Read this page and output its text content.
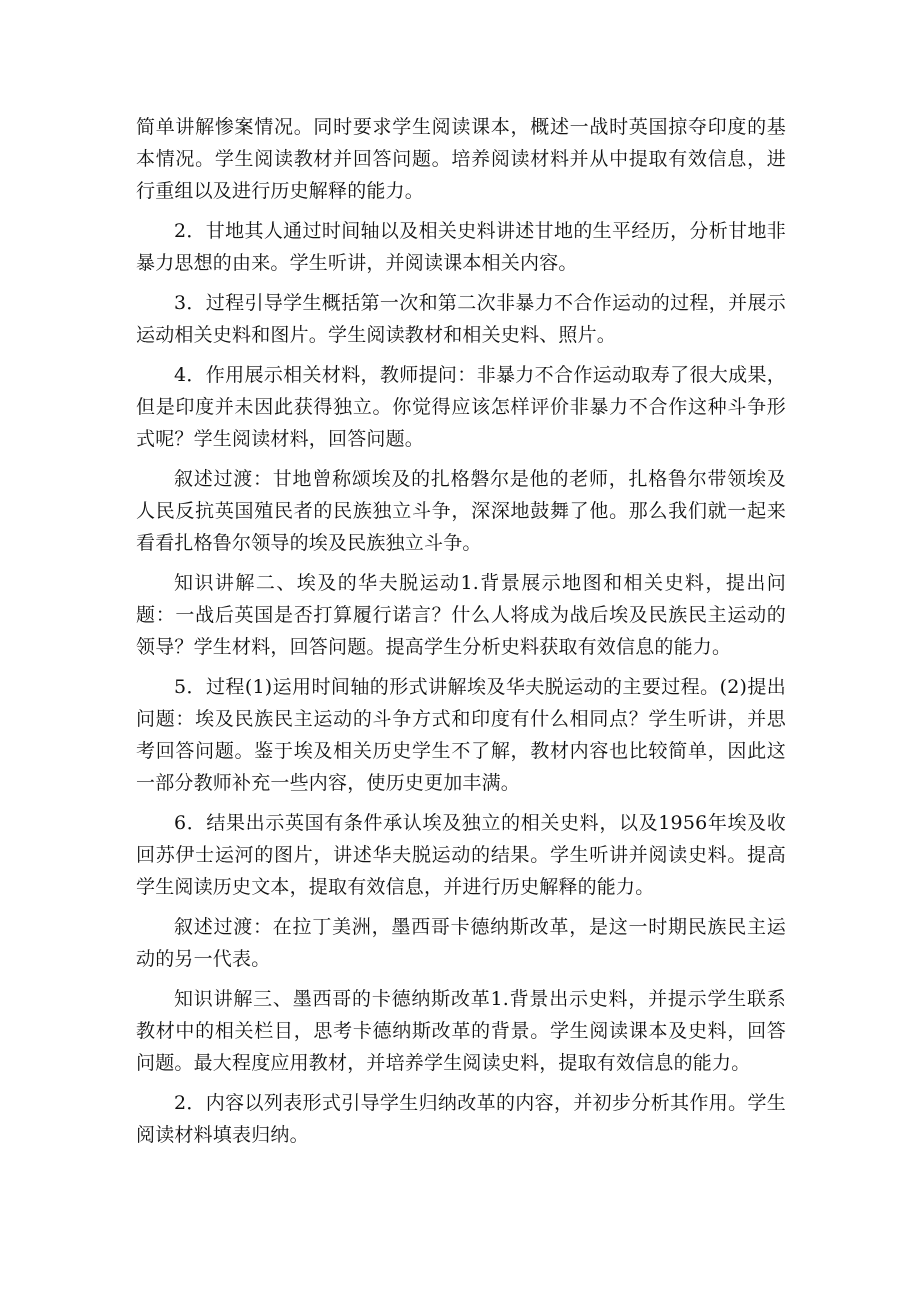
简单讲解惨案情况。同时要求学生阅读课本，概述一战时英国掠夺印度的基本情况。学生阅读教材并回答问题。培养阅读材料并从中提取有效信息，进行重组以及进行历史解释的能力。

2．甘地其人通过时间轴以及相关史料讲述甘地的生平经历，分析甘地非暴力思想的由来。学生听讲，并阅读课本相关内容。

3．过程引导学生概括第一次和第二次非暴力不合作运动的过程，并展示运动相关史料和图片。学生阅读教材和相关史料、照片。

4．作用展示相关材料，教师提问：非暴力不合作运动取寿了很大成果，但是印度并未因此获得独立。你觉得应该怎样评价非暴力不合作这种斗争形式呢？学生阅读材料，回答问题。

叙述过渡：甘地曾称颂埃及的扎格磐尔是他的老师，扎格鲁尔带领埃及人民反抗英国殖民者的民族独立斗争，深深地鼓舞了他。那么我们就一起来看看扎格鲁尔领导的埃及民族独立斗争。

知识讲解二、埃及的华夫脱运动1.背景展示地图和相关史料，提出问题：一战后英国是否打算履行诺言？什么人将成为战后埃及民族民主运动的领导？学生材料，回答问题。提高学生分析史料获取有效信息的能力。

5．过程(1)运用时间轴的形式讲解埃及华夫脱运动的主要过程。(2)提出问题：埃及民族民主运动的斗争方式和印度有什么相同点？学生听讲，并思考回答问题。鉴于埃及相关历史学生不了解，教材内容也比较简单，因此这一部分教师补充一些内容，使历史更加丰满。

6．结果出示英国有条件承认埃及独立的相关史料，以及1956年埃及收回苏伊士运河的图片，讲述华夫脱运动的结果。学生听讲并阅读史料。提高学生阅读历史文本，提取有效信息，并进行历史解释的能力。

叙述过渡：在拉丁美洲，墨西哥卡德纳斯改革，是这一时期民族民主运动的另一代表。

知识讲解三、墨西哥的卡德纳斯改革1.背景出示史料，并提示学生联系教材中的相关栏目，思考卡德纳斯改革的背景。学生阅读课本及史料，回答问题。最大程度应用教材，并培养学生阅读史料，提取有效信息的能力。

2．内容以列表形式引导学生归纳改革的内容，并初步分析其作用。学生阅读材料填表归纳。
